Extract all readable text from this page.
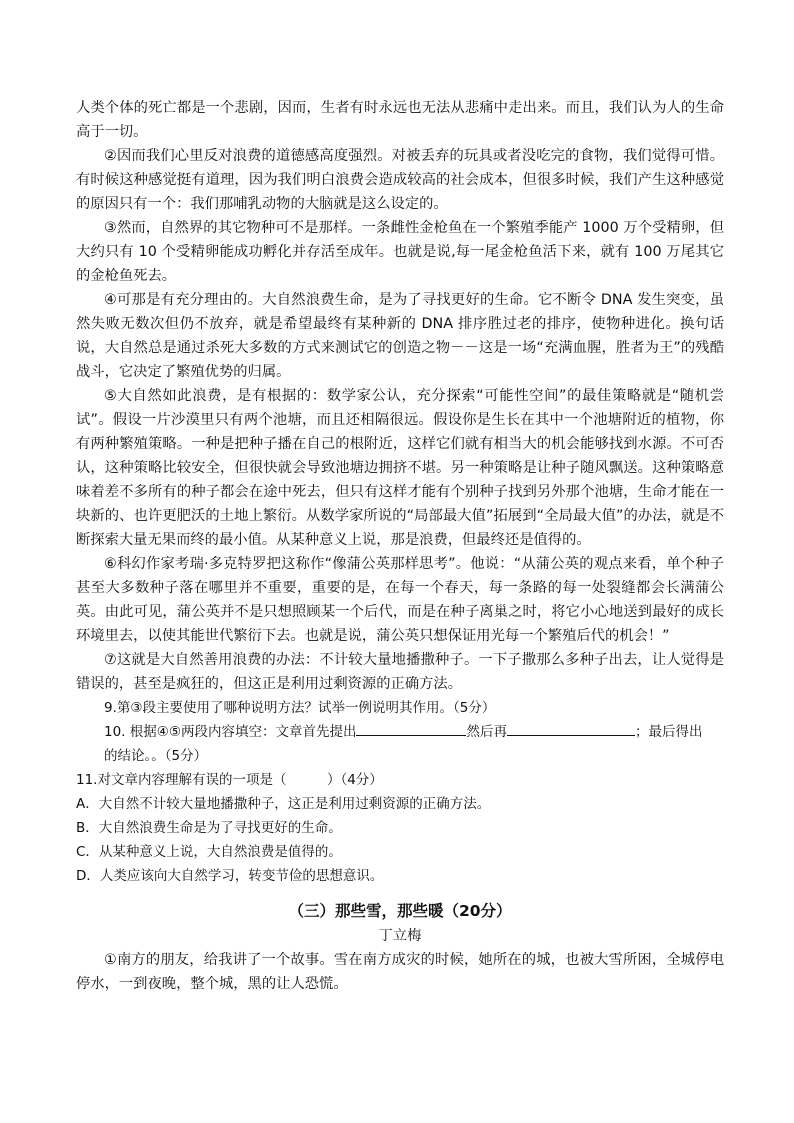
人类个体的死亡都是一个悲剧，因而，生者有时永远也无法从悲痛中走出来。而且，我们认为人的生命高于一切。

②因而我们心里反对浪费的道德感高度强烈。对被丢弃的玩具或者没吃完的食物，我们觉得可惜。有时候这种感觉挺有道理，因为我们明白浪费会造成较高的社会成本，但很多时候，我们产生这种感觉的原因只有一个：我们那哺乳动物的大脑就是这么设定的。

③然而，自然界的其它物种可不是那样。一条雌性金枪鱼在一个繁殖季能产 1000 万个受精卵，但大约只有 10 个受精卵能成功孵化并存活至成年。也就是说,每一尾金枪鱼活下来，就有 100 万尾其它的金枪鱼死去。

④可那是有充分理由的。大自然浪费生命，是为了寻找更好的生命。它不断令 DNA 发生突变，虽然失败无数次但仍不放弃，就是希望最终有某种新的 DNA 排序胜过老的排序，使物种进化。换句话说，大自然总是通过杀死大多数的方式来测试它的创造之物－－这是一场“充满血腥，胜者为王”的残酷战斗，它决定了繁殖优势的归属。

⑤大自然如此浪费，是有根据的：数学家公认，充分探索“可能性空间”的最佳策略就是“随机尝试”。假设一片沙漠里只有两个池塘，而且还相隔很远。假设你是生长在其中一个池塘附近的植物，你有两种繁殖策略。一种是把种子播在自己的根附近，这样它们就有相当大的机会能够找到水源。不可否认，这种策略比较安全，但很快就会导致池塘边拥挤不堪。另一种策略是让种子随风飘送。这种策略意味着差不多所有的种子都会在途中死去，但只有这样才能有个别种子找到另外那个池塘，生命才能在一块新的、也许更肥沃的土地上繁衍。从数学家所说的“局部最大值”拓展到“全局最大值”的办法，就是不断探索大量无果而终的最小值。从某种意义上说，那是浪费，但最终还是值得的。

⑥科幻作家考瑞·多克特罗把这称作“像蒲公英那样思考”。他说：“从蒲公英的观点来看，单个种子甚至大多数种子落在哪里并不重要，重要的是，在每一个春天，每一条路的每一处裂缝都会长满蒲公英。由此可见，蒲公英并不是只想照顾某一个后代，而是在种子离巢之时，将它小心地送到最好的成长环境里去，以使其能世代繁衍下去。也就是说，蒲公英只想保证用光每一个繁殖后代的机会！”

⑦这就是大自然善用浪费的办法：不计较大量地播撒种子。一下子撒那么多种子出去，让人觉得是错误的，甚至是疯狂的，但这正是利用过剩资源的正确方法。

9.第③段主要使用了哪种说明方法？试举一例说明其作用。（5分）
10. 根据④⑤两段内容填空：文章首先提出	然后再	；最后得出
的结论。。（5分）
11.对文章内容理解有误的一项是（　　　）（4分）
A．大自然不计较大量地播撒种子，这正是利用过剩资源的正确方法。
B．大自然浪费生命是为了寻找更好的生命。
C．从某种意义上说，大自然浪费是值得的。
D．人类应该向大自然学习，转变节俭的思想意识。
（三）那些雪，那些暖（20分）
丁立梅

①南方的朋友，给我讲了一个故事。雪在南方成灾的时候，她所在的城，也被大雪所困，全城停电停水，一到夜晚，整个城，黑的让人恐慌。
